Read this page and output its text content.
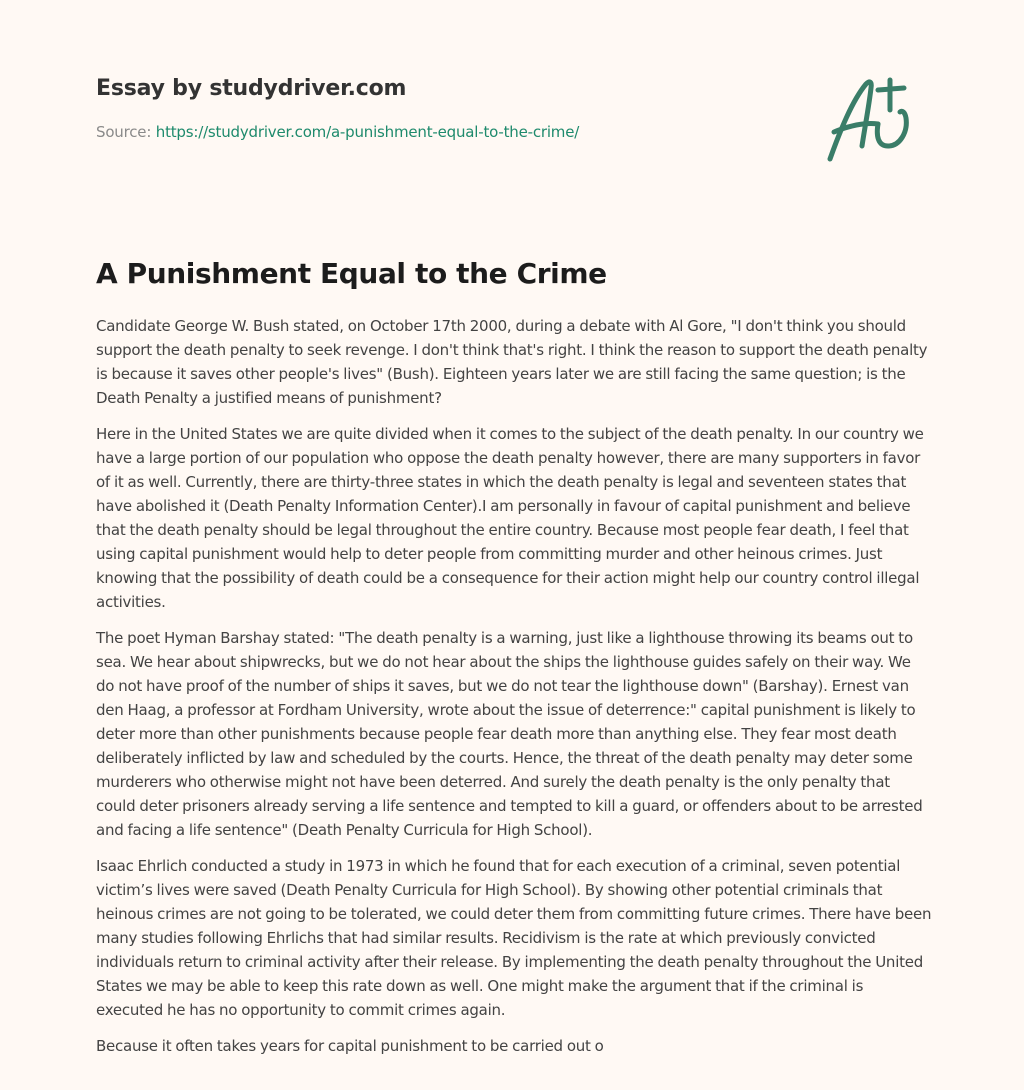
Essay by studydriver.com
Source: https://studydriver.com/a-punishment-equal-to-the-crime/
A Punishment Equal to the Crime

Candidate George W. Bush stated, on October 17th 2000, during a debate with Al Gore, "I don't think you should support the death penalty to seek revenge. I don't think that's right. I think the reason to support the death penalty is because it saves other people's lives" (Bush). Eighteen years later we are still facing the same question; is the Death Penalty a justified means of punishment?

Here in the United States we are quite divided when it comes to the subject of the death penalty. In our country we have a large portion of our population who oppose the death penalty however, there are many supporters in favor of it as well. Currently, there are thirty-three states in which the death penalty is legal and seventeen states that have abolished it (Death Penalty Information Center).I am personally in favour of capital punishment and believe that the death penalty should be legal throughout the entire country. Because most people fear death, I feel that using capital punishment would help to deter people from committing murder and other heinous crimes. Just knowing that the possibility of death could be a consequence for their action might help our country control illegal activities.

The poet Hyman Barshay stated: "The death penalty is a warning, just like a lighthouse throwing its beams out to sea. We hear about shipwrecks, but we do not hear about the ships the lighthouse guides safely on their way. We do not have proof of the number of ships it saves, but we do not tear the lighthouse down" (Barshay). Ernest van den Haag, a professor at Fordham University, wrote about the issue of deterrence:" capital punishment is likely to deter more than other punishments because people fear death more than anything else. They fear most death deliberately inflicted by law and scheduled by the courts. Hence, the threat of the death penalty may deter some murderers who otherwise might not have been deterred. And surely the death penalty is the only penalty that could deter prisoners already serving a life sentence and tempted to kill a guard, or offenders about to be arrested and facing a life sentence" (Death Penalty Curricula for High School).

Isaac Ehrlich conducted a study in 1973 in which he found that for each execution of a criminal, seven potential victim’s lives were saved (Death Penalty Curricula for High School). By showing other potential criminals that heinous crimes are not going to be tolerated, we could deter them from committing future crimes. There have been many studies following Ehrlichs that had similar results. Recidivism is the rate at which previously convicted individuals return to criminal activity after their release. By implementing the death penalty throughout the United States we may be able to keep this rate down as well. One might make the argument that if the criminal is executed he has no opportunity to commit crimes again.

Because it often takes years for capital punishment to be carried out o
